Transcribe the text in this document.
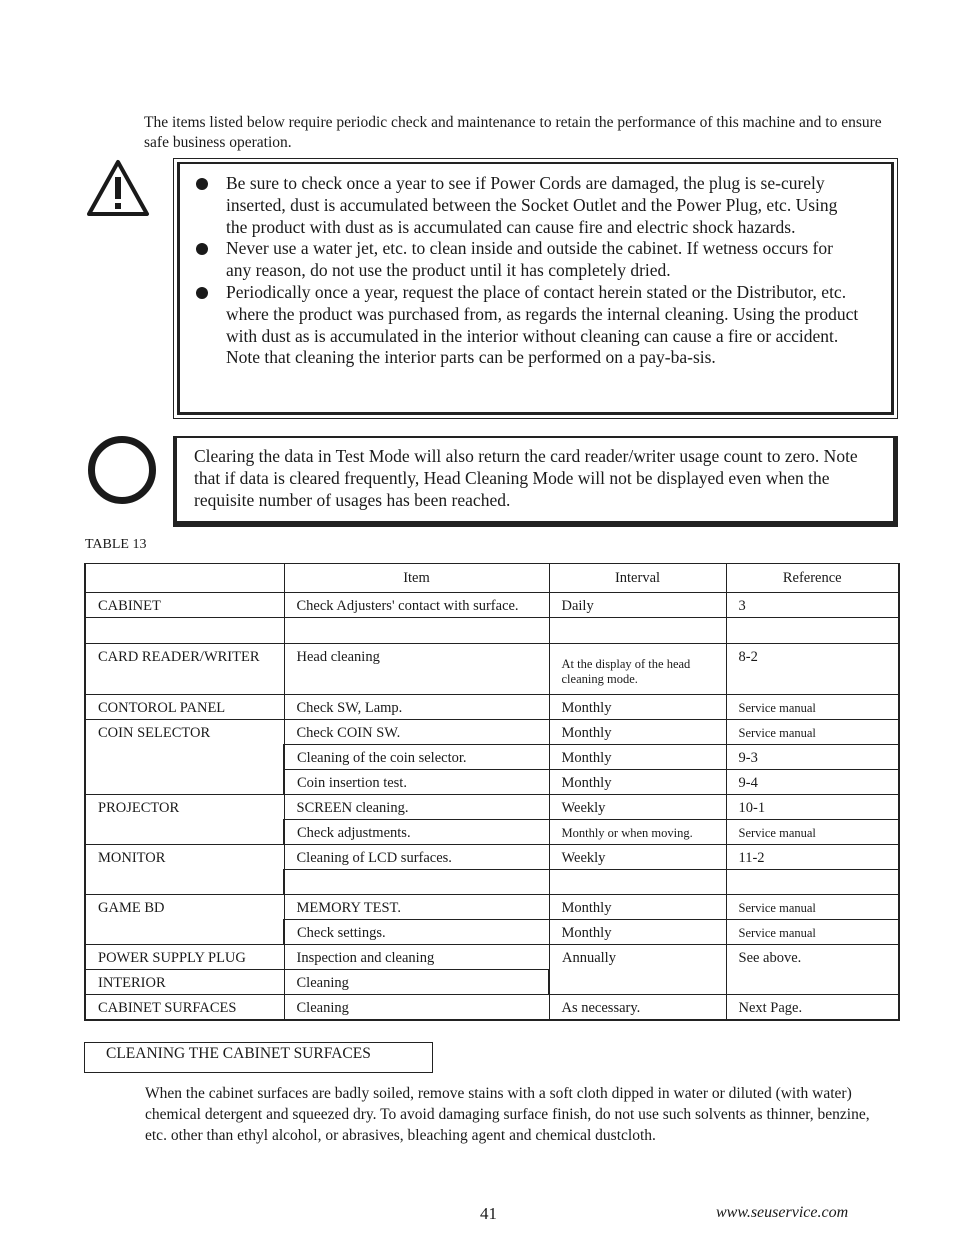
The items listed below require periodic check and maintenance to retain the performance of this machine and to ensure safe business operation.
Be sure to check once a year to see if Power Cords are damaged, the plug is se-curely inserted, dust is accumulated between the Socket Outlet and the Power Plug, etc. Using the product with dust as is accumulated can cause fire and electric shock hazards.
Never use a water jet, etc. to clean inside and outside the cabinet. If wetness occurs for any reason, do not use the product until it has completely dried.
Periodically once a year, request the place of contact herein stated or the Distributor, etc. where the product was purchased from, as regards the internal cleaning. Using the product with dust as is accumulated in the interior without cleaning can cause a fire or accident. Note that cleaning the interior parts can be performed on a pay-ba-sis.
Clearing the data in Test Mode will also return the card reader/writer usage count to zero. Note that if data is cleared frequently, Head Cleaning Mode will not be displayed even when the requisite number of usages has been reached.
TABLE 13
	Item	Interval	Reference
CABINET	Check Adjusters' contact with surface.	Daily	3

CARD READER/WRITER	Head cleaning	At the display of the head cleaning mode.	8-2
CONTOROL PANEL	Check SW, Lamp.	Monthly	Service manual
COIN SELECTOR	Check COIN SW.	Monthly	Service manual
	Cleaning of the coin selector.	Monthly	9-3
	Coin insertion test.	Monthly	9-4
PROJECTOR	SCREEN cleaning.	Weekly	10-1
	Check adjustments.	Monthly or when moving.	Service manual
MONITOR	Cleaning of LCD surfaces.	Weekly	11-2

GAME BD	MEMORY TEST.	Monthly	Service manual
	Check settings.	Monthly	Service manual
POWER SUPPLY PLUG	Inspection and cleaning	Annually	See above.
INTERIOR	Cleaning		
CABINET SURFACES	Cleaning	As necessary.	Next Page.
CLEANING THE CABINET SURFACES
When the cabinet surfaces are badly soiled, remove stains with a soft cloth dipped in water or diluted (with water) chemical detergent and squeezed dry. To avoid damaging surface finish, do not use such solvents as thinner, benzine, etc. other than ethyl alcohol, or abrasives, bleaching agent and chemical dustcloth.
41	www.seuservice.com
